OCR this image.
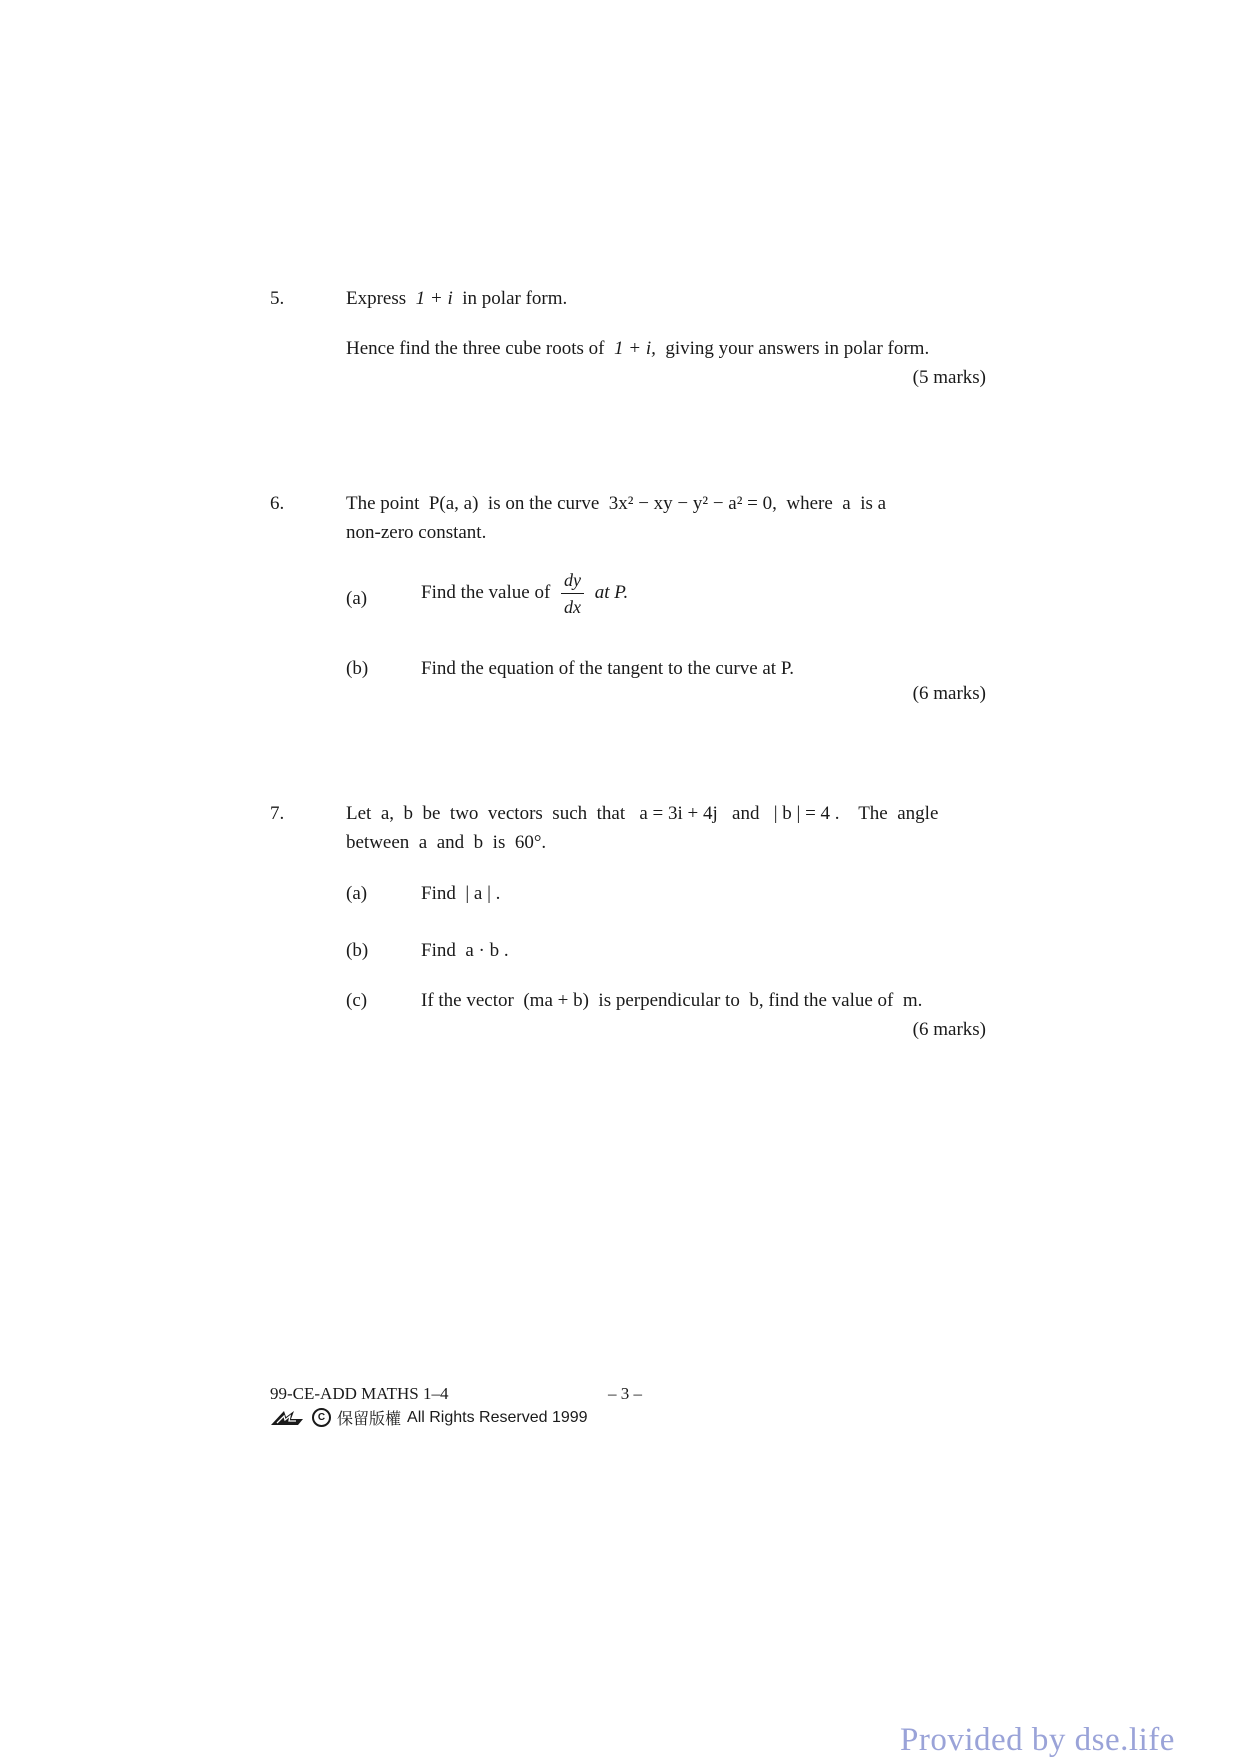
5.	Express 1 + i in polar form.
Hence find the three cube roots of 1 + i, giving your answers in polar form.
(5 marks)
6.	The point  P(a, a)  is on the curve  3x² − xy − y² − a² = 0,  where  a  is a
non-zero constant.
(a)	Find the value of $\frac{dy}{dx}$ at P.
(b)	Find the equation of the tangent to the curve at P.
(6 marks)
7.	Let  a,  b  be  two  vectors  such  that   a = 3i + 4j   and   | b | = 4 .    The  angle
between  a  and  b  is  60°.
(a)	Find  | a | .
(b)	Find  a · b .
(c)	If the vector  (ma + b)  is perpendicular to  b, find the value of  m.
(6 marks)
99-CE-ADD MATHS 1–4	– 3 –
C 保留版權 All Rights Reserved 1999
Provided by dse.life
